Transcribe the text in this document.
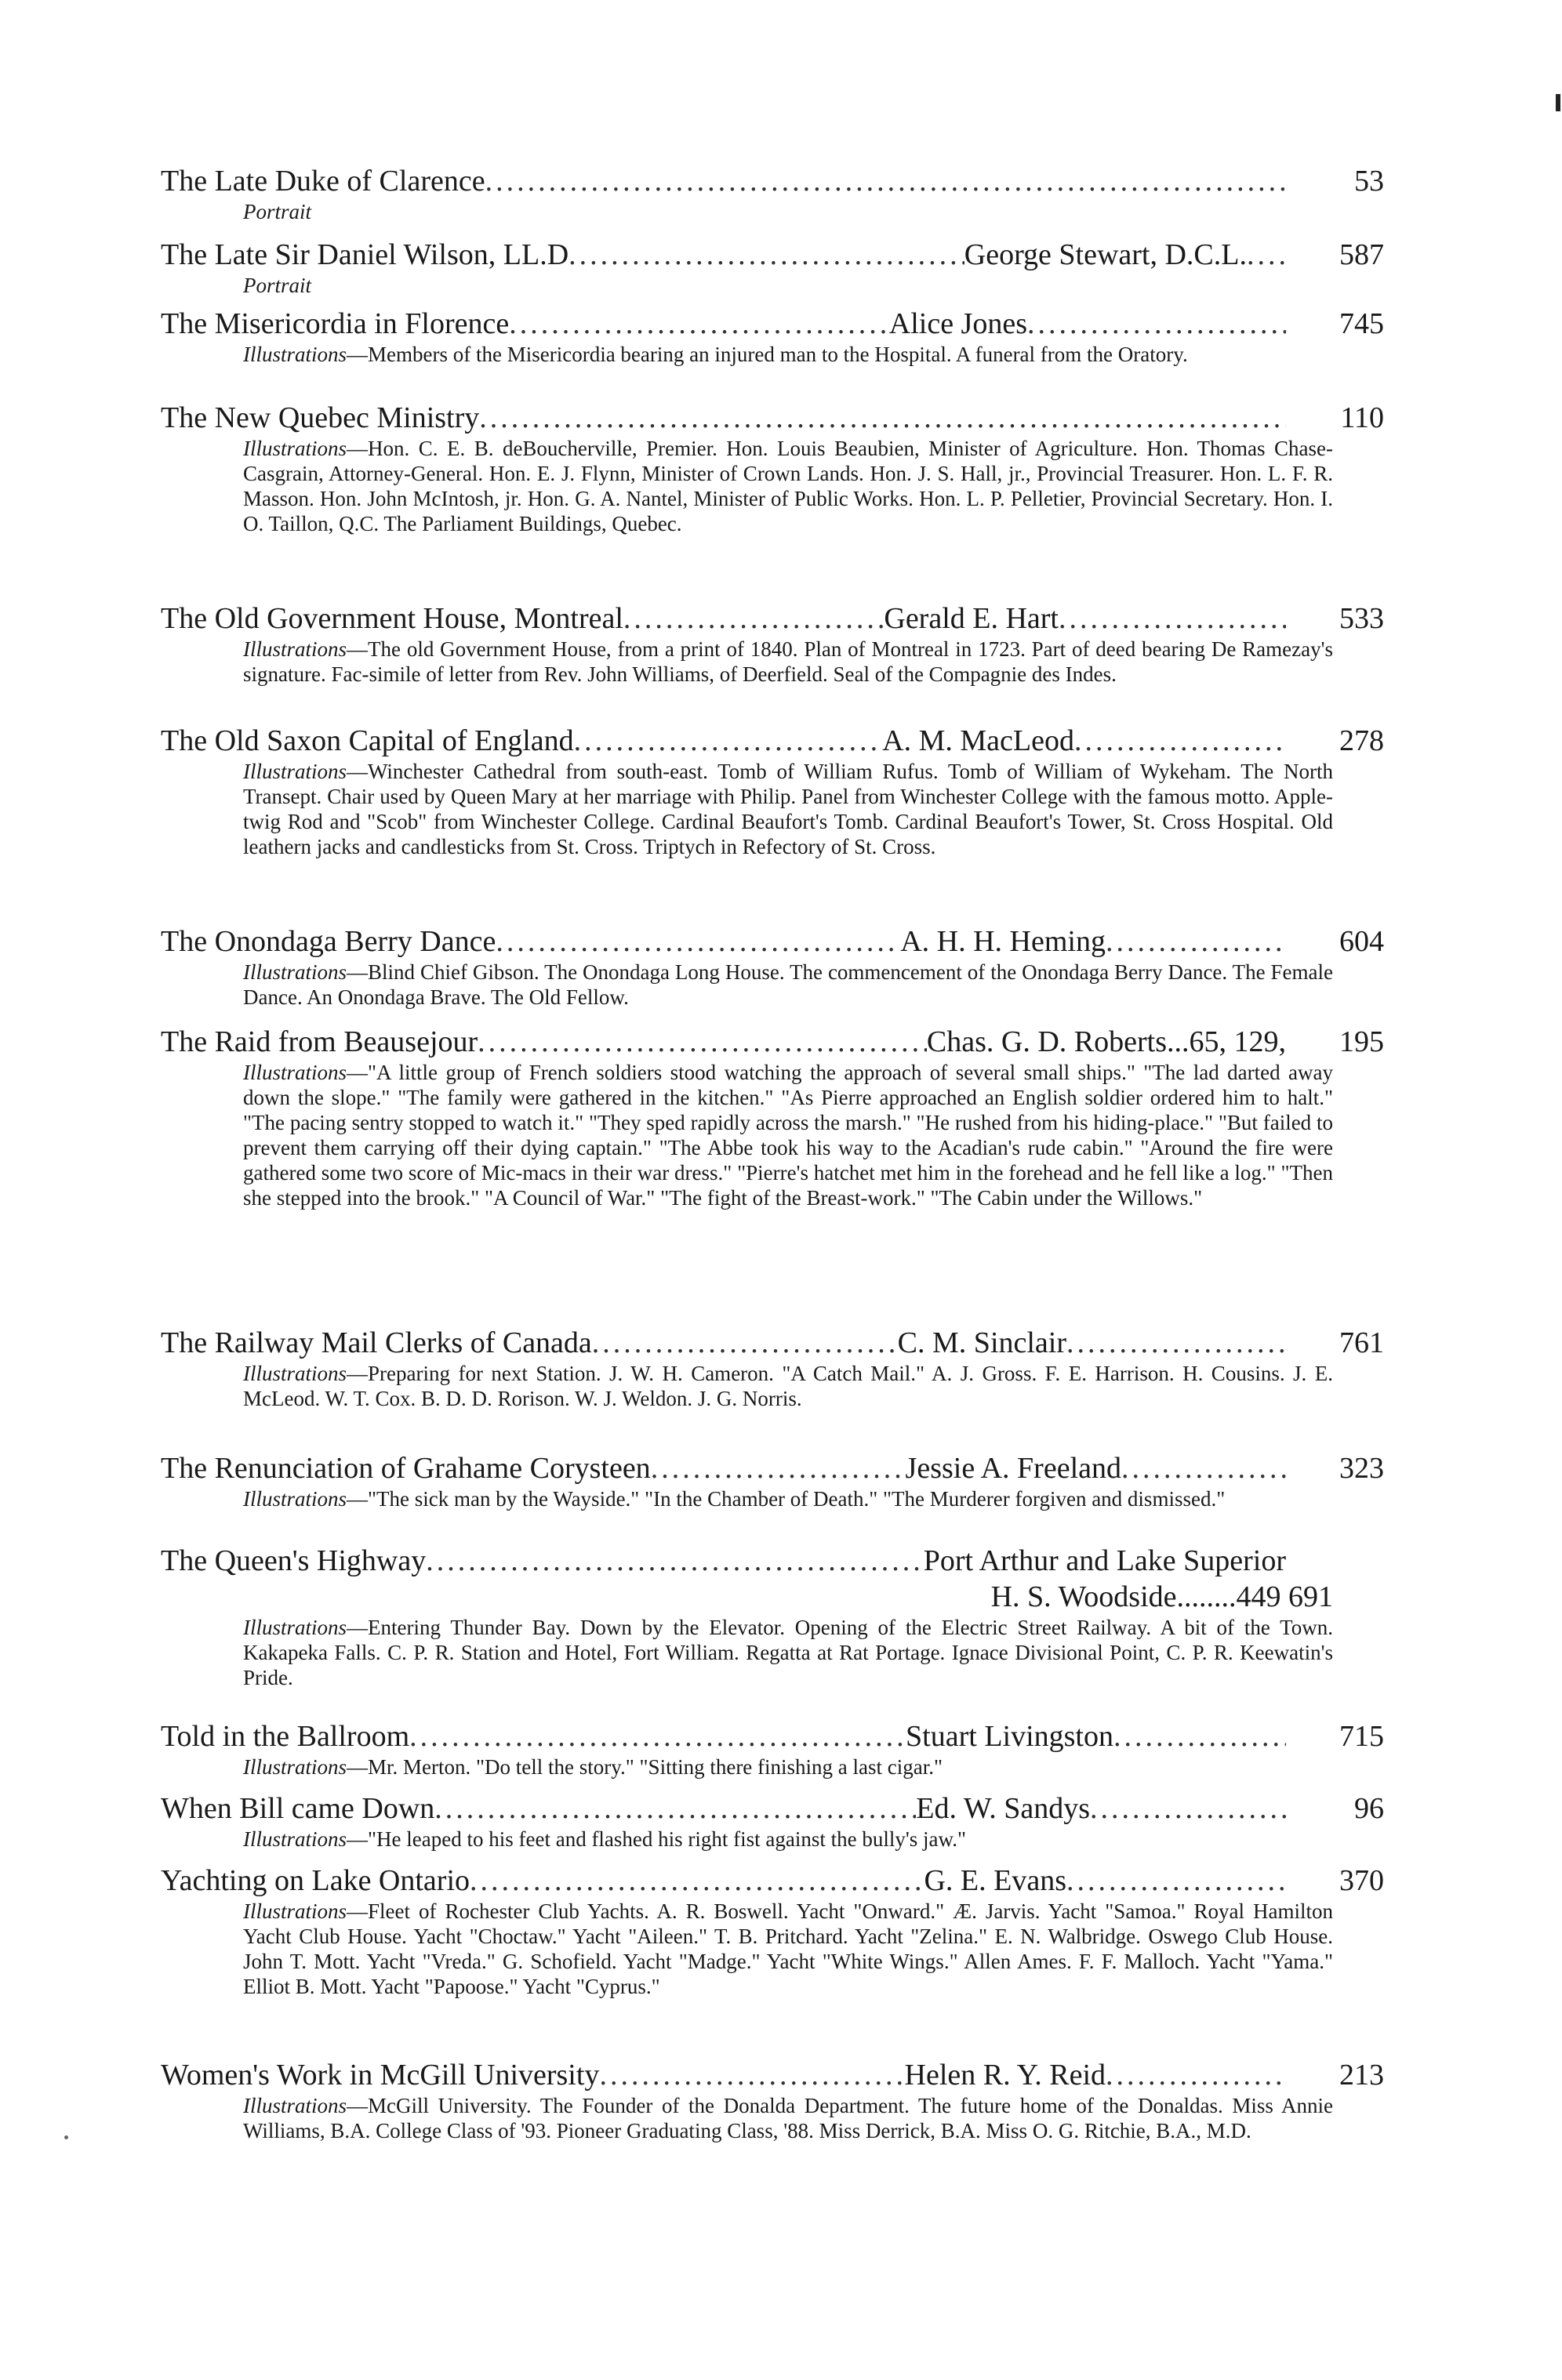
The Late Duke of Clarence .....	53
Portrait
The Late Sir Daniel Wilson, LL.D .....	George Stewart, D.C.L. .....	587
Portrait
The Misericordia in Florence .....	Alice Jones .....	745
Illustrations—Members of the Misericordia bearing an injured man to the Hospital. A funeral from the Oratory.
The New Quebec Ministry .....	110
Illustrations—Hon. C. E. B. deBoucherville, Premier. Hon. Louis Beaubien, Minister of Agriculture. Hon. Thomas Chase-Casgrain, Attorney-General. Hon. E. J. Flynn, Minister of Crown Lands. Hon. J. S. Hall, jr., Provincial Treasurer. Hon. L. F. R. Masson. Hon. John McIntosh, jr. Hon. G. A. Nantel, Minister of Public Works. Hon. L. P. Pelletier, Provincial Secretary. Hon. I. O. Taillon, Q.C. The Parliament Buildings, Quebec.
The Old Government House, Montreal .....	Gerald E. Hart .....	533
Illustrations—The old Government House, from a print of 1840. Plan of Montreal in 1723. Part of deed bearing De Ramezay's signature. Fac-simile of letter from Rev. John Williams, of Deerfield. Seal of the Compagnie des Indes.
The Old Saxon Capital of England .....	A. M. MacLeod .....	278
Illustrations—Winchester Cathedral from south-east. Tomb of William Rufus. Tomb of William of Wykeham. The North Transept. Chair used by Queen Mary at her marriage with Philip. Panel from Winchester College with the famous motto. Apple-twig Rod and "Scob" from Winchester College. Cardinal Beaufort's Tomb. Cardinal Beaufort's Tower, St. Cross Hospital. Old leathern jacks and candlesticks from St. Cross. Triptych in Refectory of St. Cross.
The Onondaga Berry Dance .....	A. H. H. Heming .....	604
Illustrations—Blind Chief Gibson. The Onondaga Long House. The commencement of the Onondaga Berry Dance. The Female Dance. An Onondaga Brave. The Old Fellow.
The Raid from Beausejour .....	Chas. G. D. Roberts...65, 129,	195
Illustrations—"A little group of French soldiers stood watching the approach of several small ships." "The lad darted away down the slope." "The family were gathered in the kitchen." "As Pierre approached an English soldier ordered him to halt." "The pacing sentry stopped to watch it." "They sped rapidly across the marsh." "He rushed from his hiding-place." "But failed to prevent them carrying off their dying captain." "The Abbe took his way to the Acadian's rude cabin." "Around the fire were gathered some two score of Mic-macs in their war dress." "Pierre's hatchet met him in the forehead and he fell like a log." "Then she stepped into the brook." "A Council of War." "The fight of the Breast-work." "The Cabin under the Willows."
The Railway Mail Clerks of Canada .....	C. M. Sinclair .....	761
Illustrations—Preparing for next Station. J. W. H. Cameron. "A Catch Mail." A. J. Gross. F. E. Harrison. H. Cousins. J. E. McLeod. W. T. Cox. B. D. D. Rorison. W. J. Weldon. J. G. Norris.
The Renunciation of Grahame Corysteen .....	Jessie A. Freeland .....	323
Illustrations—"The sick man by the Wayside." "In the Chamber of Death." "The Murderer forgiven and dismissed."
The Queen's Highway .....	Port Arthur and Lake Superior
H. S. Woodside........449 691
Illustrations—Entering Thunder Bay. Down by the Elevator. Opening of the Electric Street Railway. A bit of the Town. Kakapeka Falls. C. P. R. Station and Hotel, Fort William. Regatta at Rat Portage. Ignace Divisional Point, C. P. R. Keewatin's Pride.
Told in the Ballroom .....	Stuart Livingston .....	715
Illustrations—Mr. Merton. "Do tell the story." "Sitting there finishing a last cigar."
When Bill came Down .....	Ed. W. Sandys .....	96
Illustrations—"He leaped to his feet and flashed his right fist against the bully's jaw."
Yachting on Lake Ontario .....	G. E. Evans .....	370
Illustrations—Fleet of Rochester Club Yachts. A. R. Boswell. Yacht "Onward." Æ. Jarvis. Yacht "Samoa." Royal Hamilton Yacht Club House. Yacht "Choctaw." Yacht "Aileen." T. B. Pritchard. Yacht "Zelina." E. N. Walbridge. Oswego Club House. John T. Mott. Yacht "Vreda." G. Schofield. Yacht "Madge." Yacht "White Wings." Allen Ames. F. F. Malloch. Yacht "Yama." Elliot B. Mott. Yacht "Papoose." Yacht "Cyprus."
Women's Work in McGill University .....	Helen R. Y. Reid .....	213
Illustrations—McGill University. The Founder of the Donalda Department. The future home of the Donaldas. Miss Annie Williams, B.A. College Class of '93. Pioneer Graduating Class, '88. Miss Derrick, B.A. Miss O. G. Ritchie, B.A., M.D.
